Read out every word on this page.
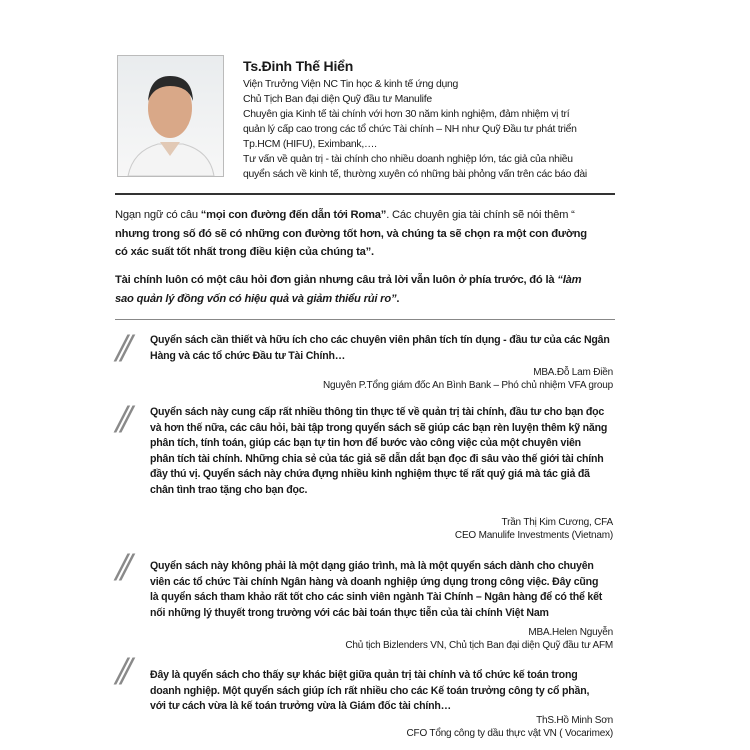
Ts.Đinh Thế Hiển
Viện Trưởng Viện NC Tin học & kinh tế ứng dụng
Chủ Tịch Ban đại diện Quỹ đầu tư Manulife
Chuyên gia Kinh tế tài chính với hơn 30 năm kinh nghiệm, đảm nhiệm vị trí
quản lý cấp cao trong các tổ chức Tài chính – NH như Quỹ Đầu tư phát triển
Tp.HCM (HIFU), Eximbank,….
Tư vấn về quản trị - tài chính cho nhiều doanh nghiệp lớn, tác giả của nhiều
quyển sách về kinh tế, thường xuyên có những bài phỏng vấn trên các báo đài
Ngạn ngữ có câu “mọi con đường đến dẫn tới Roma”. Các chuyên gia tài chính sẽ nói thêm “
nhưng trong số đó sẽ có những con đường tốt hơn, và chúng ta sẽ chọn ra một con đường
có xác suất tốt nhất trong điều kiện của chúng ta”.
Tài chính luôn có một câu hỏi đơn giản nhưng câu trả lời vẫn luôn ở phía trước, đó là “làm
sao quản lý đồng vốn có hiệu quả và giảm thiểu rủi ro”.
// Quyển sách cần thiết và hữu ích cho các chuyên viên phân tích tín dụng - đầu tư của các Ngân
Hàng và các tổ chức Đầu tư Tài Chính…
MBA.Đỗ Lam Điền
Nguyên P.Tổng giám đốc An Bình Bank – Phó chủ nhiệm VFA group
// Quyển sách này cung cấp rất nhiều thông tin thực tế về quản trị tài chính, đầu tư cho bạn đọc
và hơn thế nữa, các câu hỏi, bài tập trong quyển sách sẽ giúp các bạn rèn luyện thêm kỹ năng
phân tích, tính toán, giúp các bạn tự tin hơn để bước vào công việc của một chuyên viên
phân tích tài chính. Những chia sẻ của tác giả sẽ dẫn dắt bạn đọc đi sâu vào thế giới tài chính
đầy thú vị. Quyển sách này chứa đựng nhiều kinh nghiệm thực tế rất quý giá mà tác giả đã
chân tình trao tặng cho bạn đọc.
Trần Thị Kim Cương, CFA
CEO Manulife Investments (Vietnam)
// Quyển sách này không phải là một dạng giáo trình, mà là một quyển sách dành cho chuyên
viên các tổ chức Tài chính Ngân hàng và doanh nghiệp ứng dụng trong công việc. Đây cũng
là quyển sách tham khảo rất tốt cho các sinh viên ngành Tài Chính – Ngân hàng để có thể kết
nối những lý thuyết trong trường với các bài toán thực tiễn của tài chính Việt Nam
MBA.Helen Nguyễn
Chủ tịch Bizlenders VN, Chủ tịch Ban đại diện Quỹ đầu tư AFM
// Đây là quyển sách cho thấy sự khác biệt giữa quản trị tài chính và tổ chức kế toán trong
doanh nghiệp. Một quyển sách giúp ích rất nhiều cho các Kế toán trưởng công ty cổ phần,
với tư cách vừa là kế toán trưởng vừa là Giám đốc tài chính…
ThS.Hồ Minh Sơn
CFO Tổng công ty dầu thực vật VN ( Vocarimex)
